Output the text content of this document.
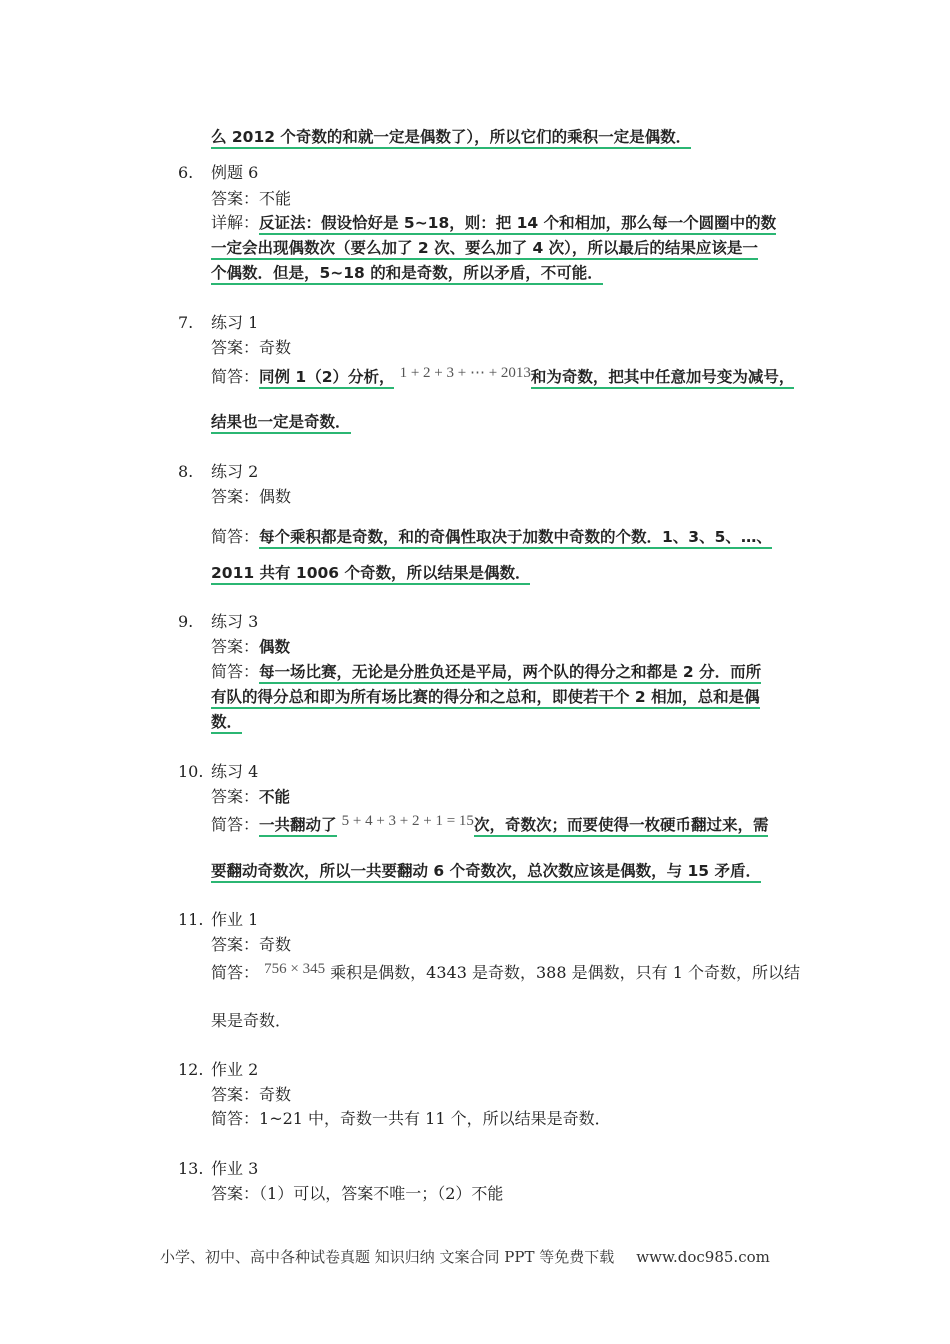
么 2012 个奇数的和就一定是偶数了），所以它们的乘积一定是偶数．
6. 例题 6
答案：不能
详解：反证法：假设恰好是 5~18，则：把 14 个和相加，那么每一个圆圈中的数
一定会出现偶数次（要么加了 2 次、要么加了 4 次），所以最后的结果应该是一
个偶数．但是，5~18 的和是奇数，所以矛盾，不可能．
7. 练习 1
答案：奇数
简答：同例 1（2）分析， 1 + 2 + 3 + ⋯ + 2013和为奇数，把其中任意加号变为减号，
结果也一定是奇数．
8. 练习 2
答案：偶数
简答：每个乘积都是奇数，和的奇偶性取决于加数中奇数的个数．1、3、5、…、
2011 共有 1006 个奇数，所以结果是偶数．
9. 练习 3
答案：偶数
简答：每一场比赛，无论是分胜负还是平局，两个队的得分之和都是 2 分．而所
有队的得分总和即为所有场比赛的得分和之总和，即使若干个 2 相加，总和是偶
数．
10. 练习 4
答案：不能
简答：一共翻动了 5 + 4 + 3 + 2 + 1 = 15次，奇数次；而要使得一枚硬币翻过来，需
要翻动奇数次，所以一共要翻动 6 个奇数次，总次数应该是偶数，与 15 矛盾．
11. 作业 1
答案：奇数
简答： 756 × 345 乘积是偶数，4343 是奇数，388 是偶数，只有 1 个奇数，所以结
果是奇数．
12. 作业 2
答案：奇数
简答：1~21 中，奇数一共有 11 个，所以结果是奇数．
13. 作业 3
答案：（1）可以，答案不唯一；（2）不能
小学、初中、高中各种试卷真题 知识归纳 文案合同 PPT 等免费下载 www.doc985.com
